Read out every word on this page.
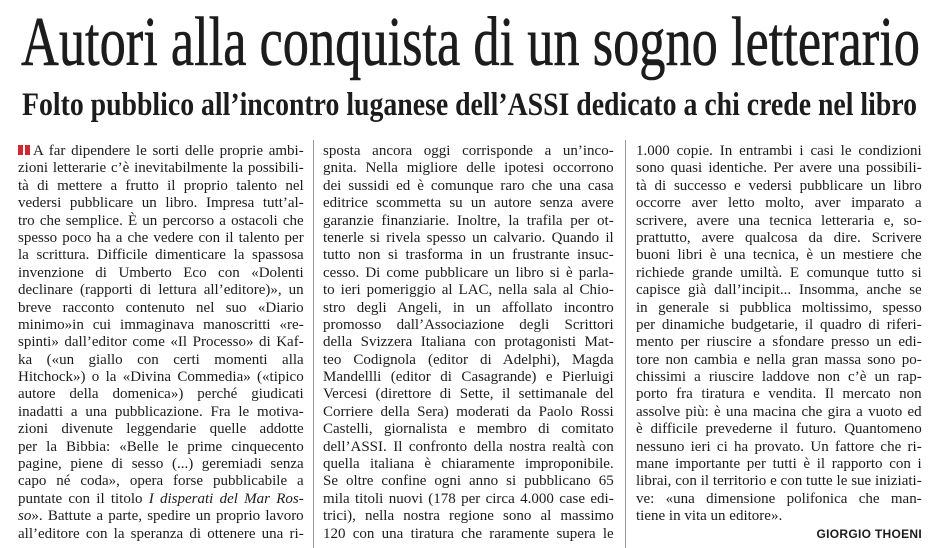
Autori alla conquista di un sogno letterario
Folto pubblico all’incontro luganese dell’ASSI dedicato a chi crede nel libro
A far dipendere le sorti delle proprie ambi-
zioni letterarie c’è inevitabilmente la possibili-
tà di mettere a frutto il proprio talento nel
vedersi pubblicare un libro. Impresa tutt’al-
tro che semplice. È un percorso a ostacoli che
spesso poco ha a che vedere con il talento per
la scrittura. Difficile dimenticare la spassosa
invenzione di Umberto Eco con «Dolenti
declinare (rapporti di lettura all’editore)», un
breve racconto contenuto nel suo «Diario
minimo»in cui immaginava manoscritti «re-
spinti» dall’editor come «Il Processo» di Kaf-
ka («un giallo con certi momenti alla
Hitchock») o la «Divina Commedia» («tipico
autore della domenica») perché giudicati
inadatti a una pubblicazione. Fra le motiva-
zioni divenute leggendarie quelle addotte
per la Bibbia: «Belle le prime cinquecento
pagine, piene di sesso (...) geremiadi senza
capo né coda», opera forse pubblicabile a
puntate con il titolo I disperati del Mar Ros-
so». Battute a parte, spedire un proprio lavoro
all’editore con la speranza di ottenere una ri-
sposta ancora oggi corrisponde a un’inco-
gnita. Nella migliore delle ipotesi occorrono
dei sussidi ed è comunque raro che una casa
editrice scommetta su un autore senza avere
garanzie finanziarie. Inoltre, la trafila per ot-
tenerle si rivela spesso un calvario. Quando il
tutto non si trasforma in un frustrante insuc-
cesso. Di come pubblicare un libro si è parla-
to ieri pomeriggio al LAC, nella sala al Chio-
stro degli Angeli, in un affollato incontro
promosso dall’Associazione degli Scrittori
della Svizzera Italiana con protagonisti Mat-
teo Codignola (editor di Adelphi), Magda
Mandellli (editor di Casagrande) e Pierluigi
Vercesi (direttore di Sette, il settimanale del
Corriere della Sera) moderati da Paolo Rossi
Castelli, giornalista e membro di comitato
dell’ASSI. Il confronto della nostra realtà con
quella italiana è chiaramente improponibile.
Se oltre confine ogni anno si pubblicano 65
mila titoli nuovi (178 per circa 4.000 case edi-
trici), nella nostra regione sono al massimo
120 con una tiratura che raramente supera le
1.000 copie. In entrambi i casi le condizioni
sono quasi identiche. Per avere una possibili-
tà di successo e vedersi pubblicare un libro
occorre aver letto molto, aver imparato a
scrivere, avere una tecnica letteraria e, so-
prattutto, avere qualcosa da dire. Scrivere
buoni libri è una tecnica, è un mestiere che
richiede grande umiltà. E comunque tutto si
capisce già dall’incipit... Insomma, anche se
in generale si pubblica moltissimo, spesso
per dinamiche budgetarie, il quadro di riferi-
mento per riuscire a sfondare presso un edi-
tore non cambia e nella gran massa sono po-
chissimi a riuscire laddove non c’è un rap-
porto fra tiratura e vendita. Il mercato non
assolve più: è una macina che gira a vuoto ed
è difficile prevederne il futuro. Quantomeno
nessuno ieri ci ha provato. Un fattore che ri-
mane importante per tutti è il rapporto con i
librai, con il territorio e con tutte le sue iniziati-
ve: «una dimensione polifonica che man-
tiene in vita un editore».
GIORGIO THOENI
